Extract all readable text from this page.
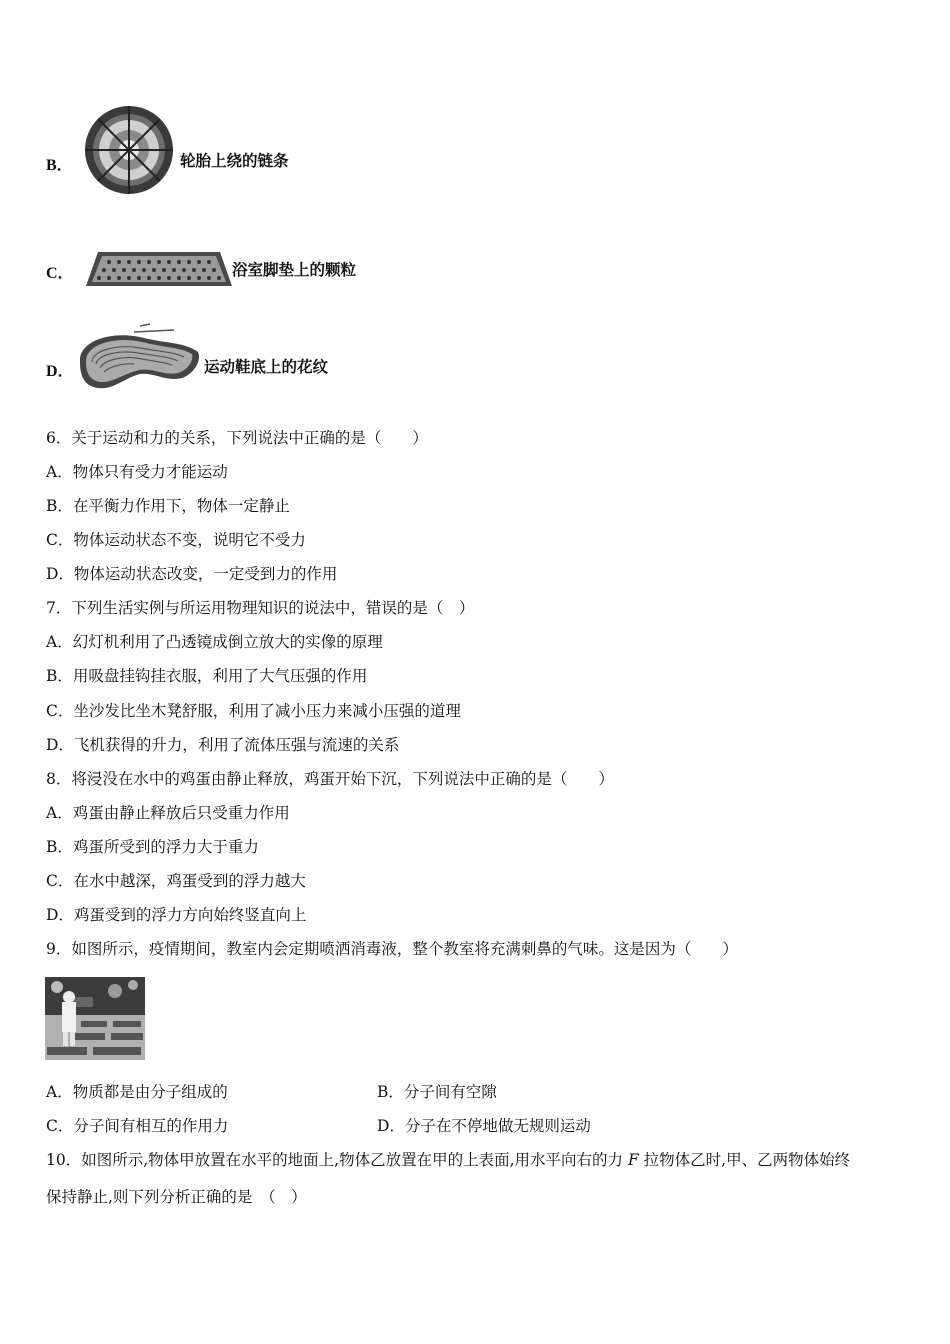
B．	轮胎上绕的链条
C．	浴室脚垫上的颗粒
D．	运动鞋底上的花纹
6．关于运动和力的关系，下列说法中正确的是（　　）
A．物体只有受力才能运动
B．在平衡力作用下，物体一定静止
C．物体运动状态不变，说明它不受力
D．物体运动状态改变，一定受到力的作用
7．下列生活实例与所运用物理知识的说法中，错误的是（　）
A．幻灯机利用了凸透镜成倒立放大的实像的原理
B．用吸盘挂钩挂衣服，利用了大气压强的作用
C．坐沙发比坐木凳舒服，利用了减小压力来减小压强的道理
D．飞机获得的升力，利用了流体压强与流速的关系
8．将浸没在水中的鸡蛋由静止释放，鸡蛋开始下沉，下列说法中正确的是（　　）
A．鸡蛋由静止释放后只受重力作用
B．鸡蛋所受到的浮力大于重力
C．在水中越深，鸡蛋受到的浮力越大
D．鸡蛋受到的浮力方向始终竖直向上
9．如图所示，疫情期间，教室内会定期喷洒消毒液，整个教室将充满刺鼻的气味。这是因为（　　）
A．物质都是由分子组成的	B．分子间有空隙
C．分子间有相互的作用力	D．分子在不停地做无规则运动
10．如图所示,物体甲放置在水平的地面上,物体乙放置在甲的上表面,用水平向右的力 F 拉物体乙时,甲、乙两物体始终
保持静止,则下列分析正确的是　（　）
